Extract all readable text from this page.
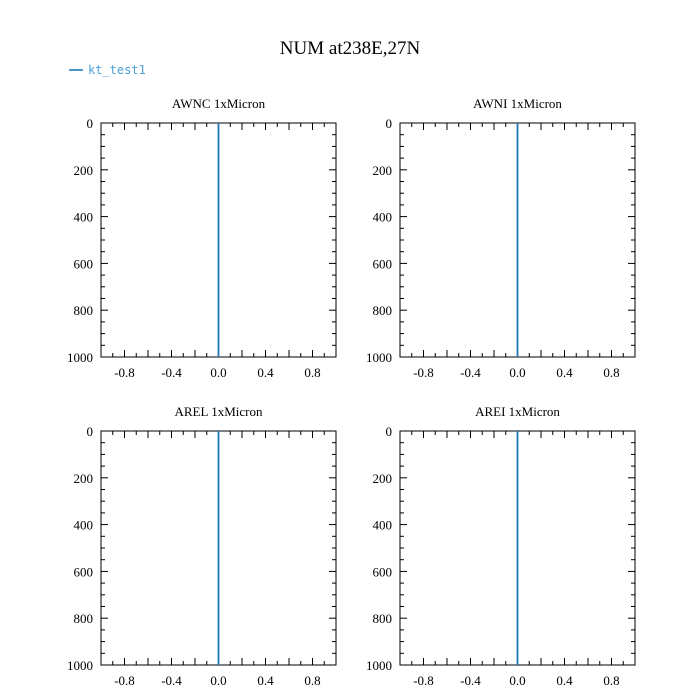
NUM at238E,27N
kt_test1
AWNC 1xMicron
-0.8 -0.4 0.0 0.4 0.8
0
200
400
600
800
1000
AWNI 1xMicron
-0.8 -0.4 0.0 0.4 0.8
0
200
400
600
800
1000
AREL 1xMicron
-0.8 -0.4 0.0 0.4 0.8
0
200
400
600
800
1000
AREI 1xMicron
-0.8 -0.4 0.0 0.4 0.8
0
200
400
600
800
1000
